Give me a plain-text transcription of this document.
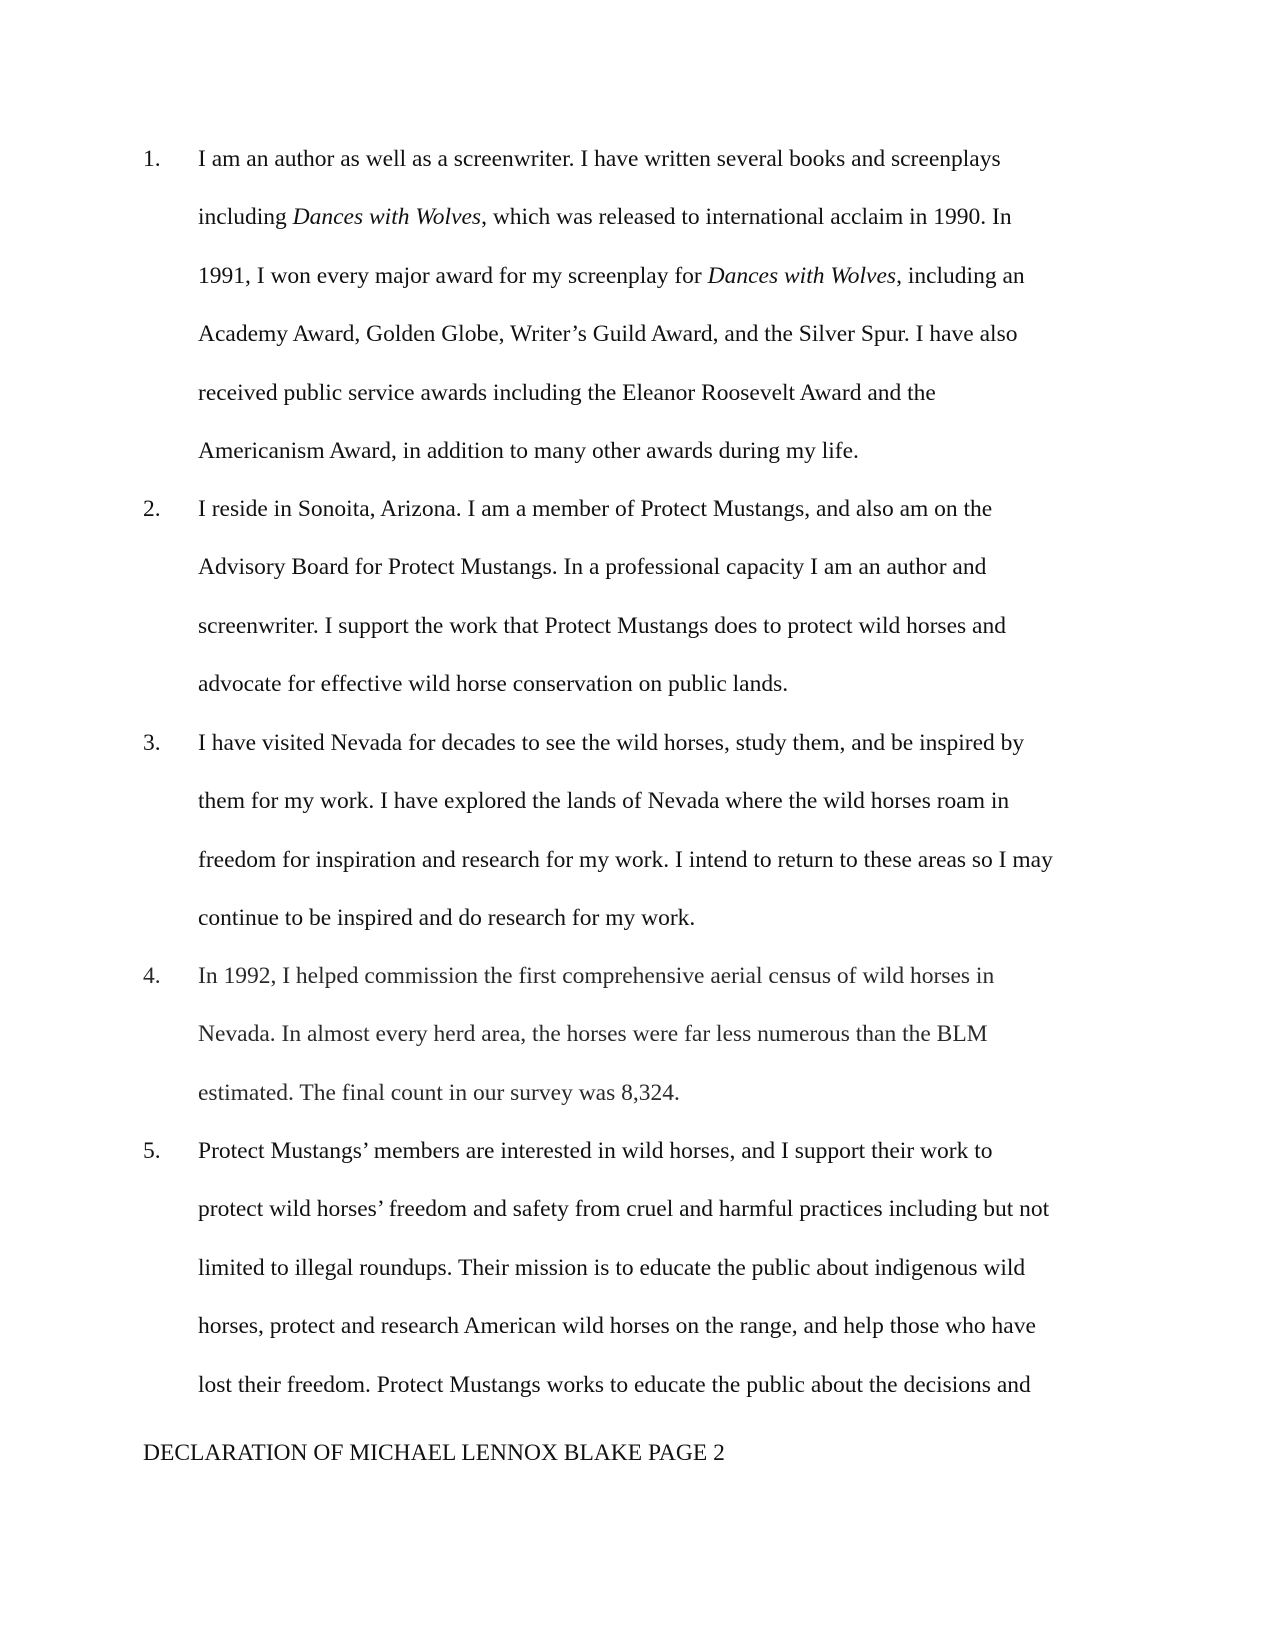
1. I am an author as well as a screenwriter. I have written several books and screenplays
including Dances with Wolves, which was released to international acclaim in 1990. In
1991, I won every major award for my screenplay for Dances with Wolves, including an
Academy Award, Golden Globe, Writer’s Guild Award, and the Silver Spur. I have also
received public service awards including the Eleanor Roosevelt Award and the
Americanism Award, in addition to many other awards during my life.
2. I reside in Sonoita, Arizona. I am a member of Protect Mustangs, and also am on the
Advisory Board for Protect Mustangs. In a professional capacity I am an author and
screenwriter. I support the work that Protect Mustangs does to protect wild horses and
advocate for effective wild horse conservation on public lands.
3. I have visited Nevada for decades to see the wild horses, study them, and be inspired by
them for my work. I have explored the lands of Nevada where the wild horses roam in
freedom for inspiration and research for my work. I intend to return to these areas so I may
continue to be inspired and do research for my work.
4. In 1992, I helped commission the first comprehensive aerial census of wild horses in
Nevada. In almost every herd area, the horses were far less numerous than the BLM
estimated. The final count in our survey was 8,324.
5. Protect Mustangs’ members are interested in wild horses, and I support their work to
protect wild horses’ freedom and safety from cruel and harmful practices including but not
limited to illegal roundups. Their mission is to educate the public about indigenous wild
horses, protect and research American wild horses on the range, and help those who have
lost their freedom. Protect Mustangs works to educate the public about the decisions and
DECLARATION OF MICHAEL LENNOX BLAKE PAGE 2
